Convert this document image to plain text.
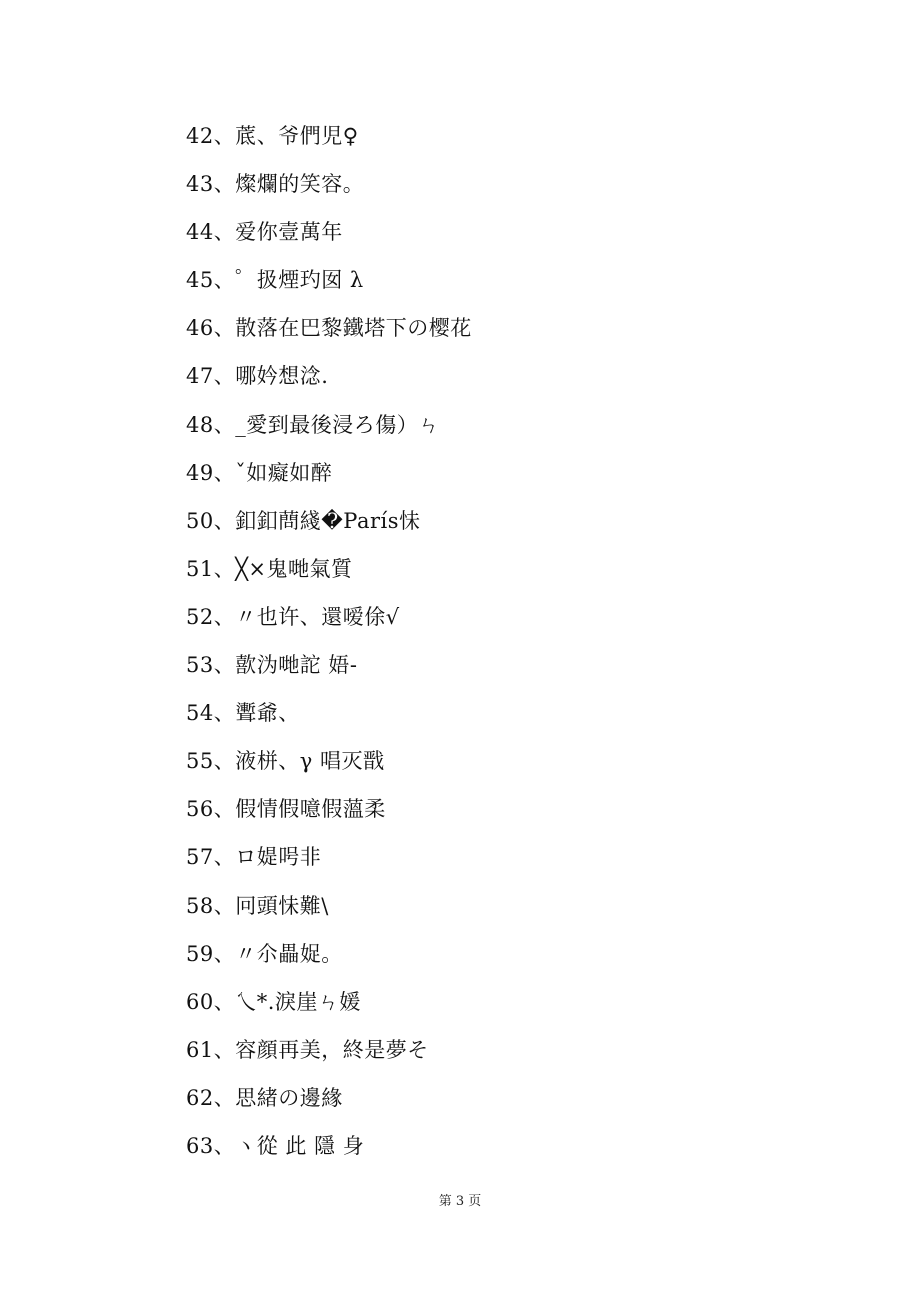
42、菧、爷們児♀
43、燦爛的笑容。
44、爱你壹萬年
45、゜扱煙玓囡 λ
46、散落在巴黎鐵塔下の樱花
47、哪妗想淰.
48、_愛到最後浸ろ傷）ㄣ
49、ˇ如癡如醉
50、釦釦蔄綫�París怽
51、╳×鬼哋氣質
52、〃也许、還嗳俆√
53、歖沩哋詑 娪-
54、聻爺、
55、液栟、γ 唱灭戬
56、假情假噫假薀柔
57、ロ媞呺非
58、冋頭怽難\
59、〃尒畾娖。
60、乀*.淚崖ㄣ媛
61、容顔再美，終是夢そ
62、思緒の邊緣
63、ヽ從 此 隱 身
第 3 页
